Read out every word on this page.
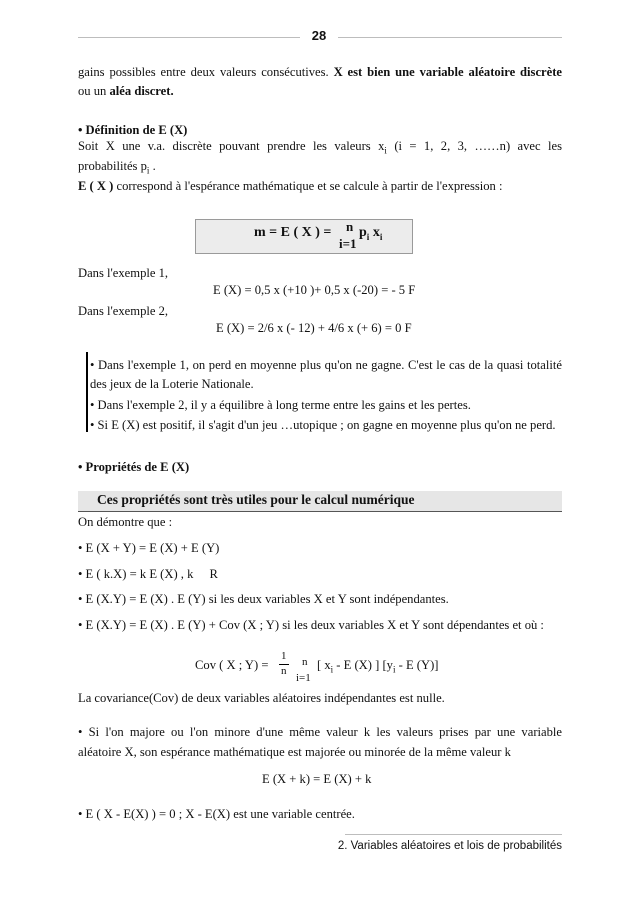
28
gains possibles entre deux valeurs consécutives. X est bien une variable aléatoire discrète
ou un aléa discret.
• Définition de E (X)
Soit X une v.a. discrète pouvant prendre les valeurs $x_i$ (i = 1, 2, 3, ……n) avec les
probabilités $p_i$ .
E ( X ) correspond à l'espérance mathématique et se calcule à partir de l'expression :
m = E ( X ) = n $p_i$ $x_i$
i=1
Dans l'exemple 1,
E (X) = 0,5 x (+10 )+ 0,5 x (-20) = - 5 F
Dans l'exemple 2,
E (X) = 2/6 x (- 12) + 4/6 x (+ 6) = 0 F
• Dans l'exemple 1, on perd en moyenne plus qu'on ne gagne. C'est le cas de la quasi totalité
des jeux de la Loterie Nationale.
• Dans l'exemple 2, il y a équilibre à long terme entre les gains et les pertes.
• Si E (X) est positif, il s'agit d'un jeu …utopique ; on gagne en moyenne plus qu'on ne perd.
• Propriétés de E (X)
Ces propriétés sont très utiles pour le calcul numérique
On démontre que :
• E (X + Y) = E (X) + E (Y)
• E ( k.X) = k E (X) , k R
• E (X.Y) = E (X) . E (Y) si les deux variables X et Y sont indépendantes.
• E (X.Y) = E (X) . E (Y) + Cov (X ; Y) si les deux variables X et Y sont dépendantes et où :
Cov ( X ; Y) =
1
n
n
i=1
[ $x_i$ - E (X) ] [$y_i$ - E (Y)]
La covariance(Cov) de deux variables aléatoires indépendantes est nulle.
• Si l'on majore ou l'on minore d'une même valeur k les valeurs prises par une variable
aléatoire X, son espérance mathématique est majorée ou minorée de la même valeur k
E (X + k) = E (X) + k
• E ( X - E(X) ) = 0 ; X - E(X) est une variable centrée.
2. Variables aléatoires et lois de probabilités
